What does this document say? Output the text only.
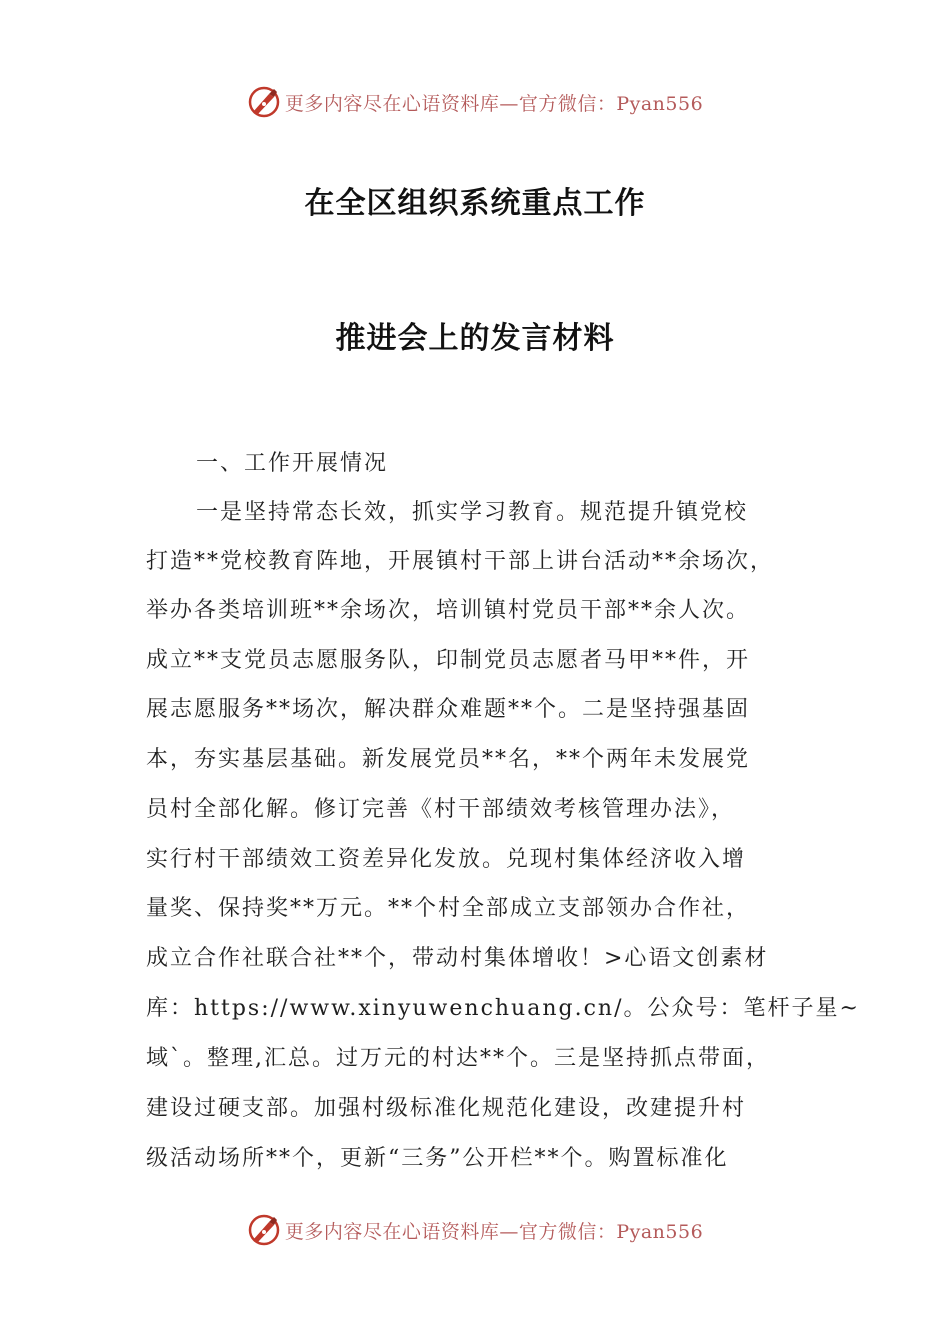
更多内容尽在心语资料库—官方微信：Pyan556
在全区组织系统重点工作
推进会上的发言材料
一、工作开展情况
一是坚持常态长效，抓实学习教育。规范提升镇党校
打造**党校教育阵地，开展镇村干部上讲台活动**余场次，
举办各类培训班**余场次，培训镇村党员干部**余人次。
成立**支党员志愿服务队，印制党员志愿者马甲**件，开
展志愿服务**场次，解决群众难题**个。二是坚持强基固
本，夯实基层基础。新发展党员**名，**个两年未发展党
员村全部化解。修订完善《村干部绩效考核管理办法》，
实行村干部绩效工资差异化发放。兑现村集体经济收入增
量奖、保持奖**万元。**个村全部成立支部领办合作社，
成立合作社联合社**个，带动村集体增收！>心语文创素材
库：https://www.xinyuwenchuang.cn/。公众号：笔杆子星~
域`。整理,汇总。过万元的村达**个。三是坚持抓点带面，
建设过硬支部。加强村级标准化规范化建设，改建提升村
级活动场所**个，更新“三务”公开栏**个。购置标准化
更多内容尽在心语资料库—官方微信：Pyan556
